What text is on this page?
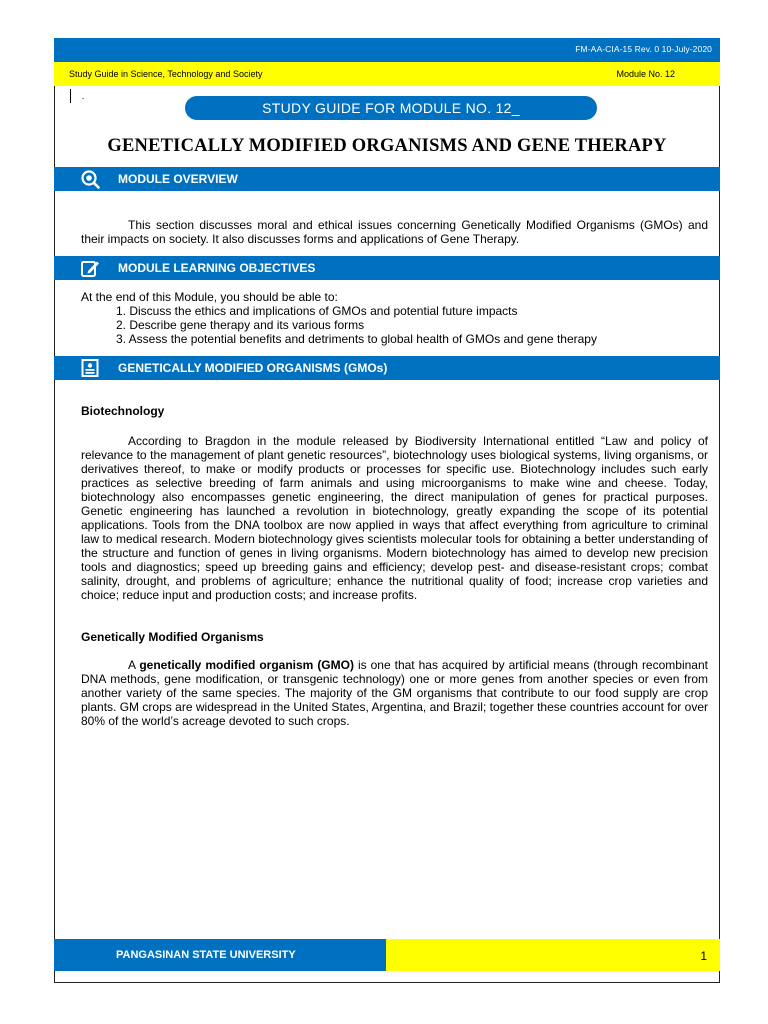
FM-AA-CIA-15 Rev. 0 10-July-2020
Study Guide in Science, Technology and Society	Module No. 12
-
STUDY GUIDE FOR MODULE NO. 12_
GENETICALLY MODIFIED ORGANISMS AND GENE THERAPY
MODULE OVERVIEW
This section discusses moral and ethical issues concerning Genetically Modified Organisms (GMOs) and their impacts on society. It also discusses forms and applications of Gene Therapy.
MODULE LEARNING OBJECTIVES
At the end of this Module, you should be able to:
1. Discuss the ethics and implications of GMOs and potential future impacts
2. Describe gene therapy and its various forms
3. Assess the potential benefits and detriments to global health of GMOs and gene therapy
GENETICALLY MODIFIED ORGANISMS (GMOs)
Biotechnology
According to Bragdon in the module released by Biodiversity International entitled “Law and policy of relevance to the management of plant genetic resources”, biotechnology uses biological systems, living organisms, or derivatives thereof, to make or modify products or processes for specific use. Biotechnology includes such early practices as selective breeding of farm animals and using microorganisms to make wine and cheese. Today, biotechnology also encompasses genetic engineering, the direct manipulation of genes for practical purposes. Genetic engineering has launched a revolution in biotechnology, greatly expanding the scope of its potential applications. Tools from the DNA toolbox are now applied in ways that affect everything from agriculture to criminal law to medical research. Modern biotechnology gives scientists molecular tools for obtaining a better understanding of the structure and function of genes in living organisms. Modern biotechnology has aimed to develop new precision tools and diagnostics; speed up breeding gains and efficiency; develop pest- and disease-resistant crops; combat salinity, drought, and problems of agriculture; enhance the nutritional quality of food; increase crop varieties and choice; reduce input and production costs; and increase profits.
Genetically Modified Organisms
A genetically modified organism (GMO) is one that has acquired by artificial means (through recombinant DNA methods, gene modification, or transgenic technology) one or more genes from another species or even from another variety of the same species. The majority of the GM organisms that contribute to our food supply are crop plants. GM crops are widespread in the United States, Argentina, and Brazil; together these countries account for over 80% of the world’s acreage devoted to such crops.
PANGASINAN STATE UNIVERSITY	1
